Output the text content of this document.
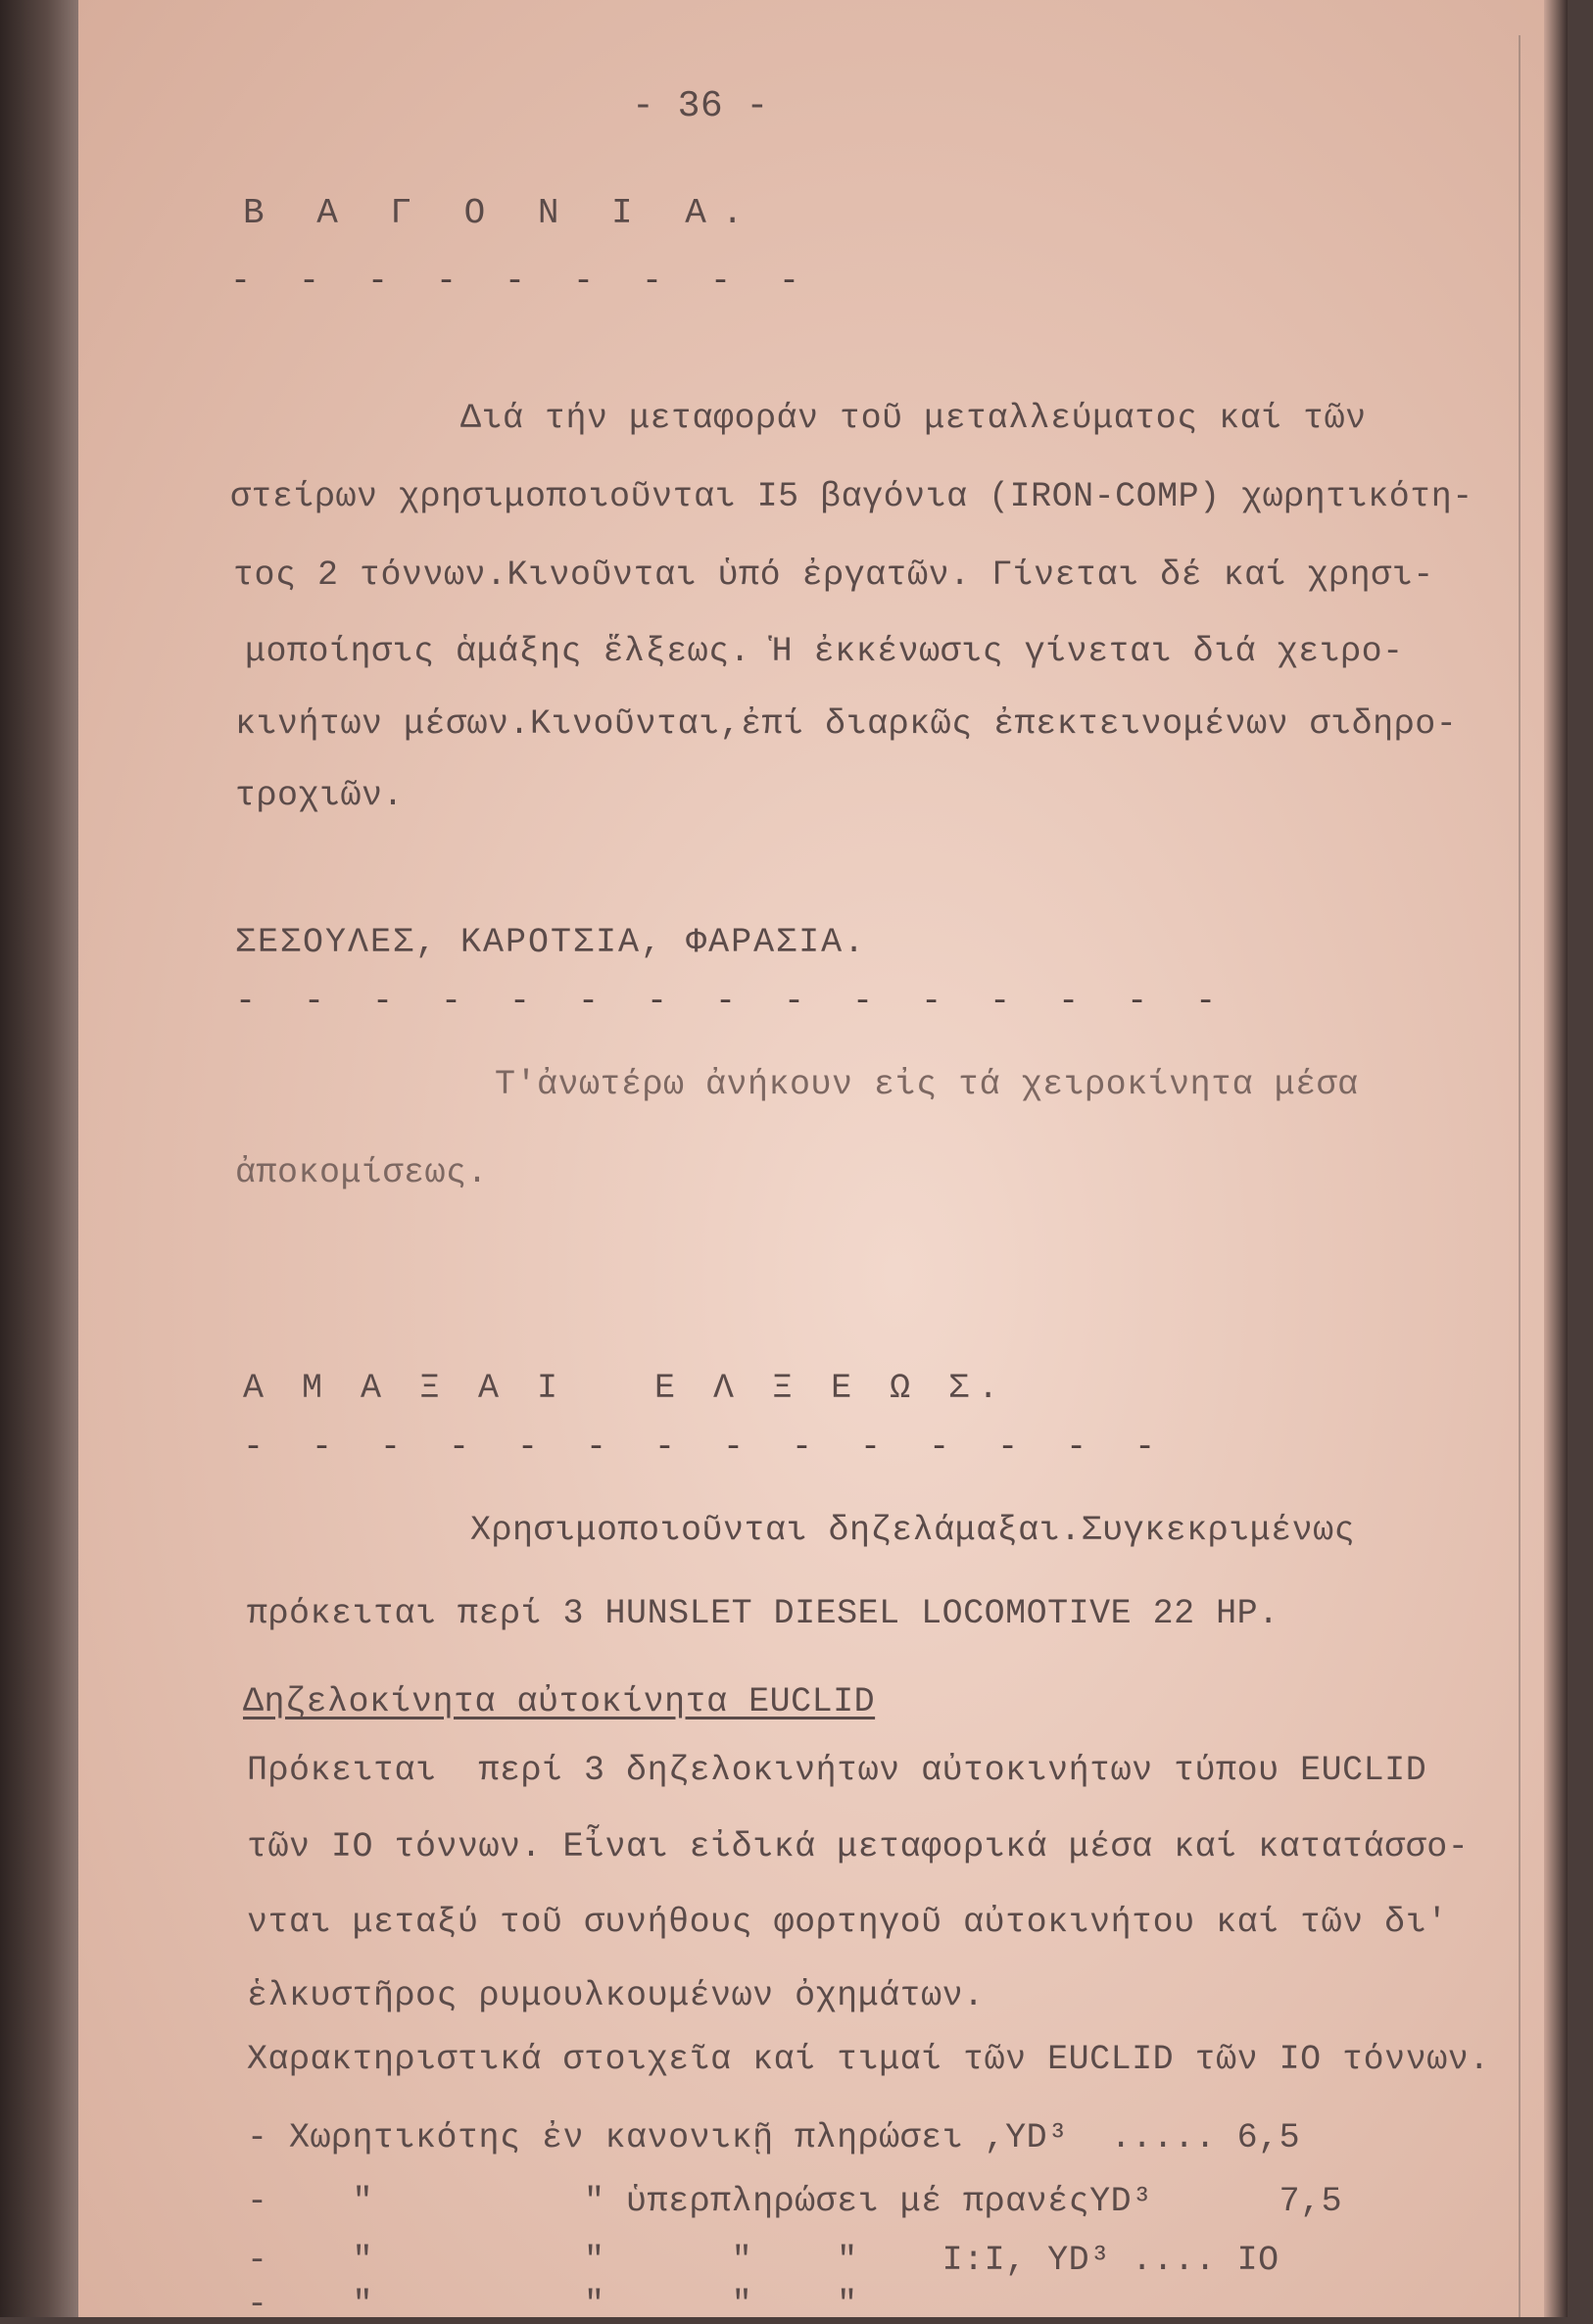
- 36 -
Β Α Γ Ο Ν Ι Α.
- - - - - - - - -
Διά τήν μεταφοράν τοῦ μεταλλεύματος καί τῶν
στείρων χρησιμοποιοῦνται Ι5 βαγόνια (IRON-COMP) χωρητικότη-
τος 2 τόννων.Κινοῦνται ὑπό ἐργατῶν. Γίνεται δέ καί χρησι-
μοποίησις ἁμάξης ἕλξεως. Ἡ ἐκκένωσις γίνεται διά χειρο-
κινήτων μέσων.Κινοῦνται,ἐπί διαρκῶς ἐπεκτεινομένων σιδηρο-
τροχιῶν.
ΣΕΣΟΥΛΕΣ, ΚΑΡΟΤΣΙΑ, ΦΑΡΑΣΙΑ.
- - - - - - - - - - - - - - -
Τ'ἀνωτέρω ἀνήκουν εἰς τά χειροκίνητα μέσα
ἀποκομίσεως.
Α Μ Α Ξ Α Ι   Ε Λ Ξ Ε Ω Σ.
- - - - - - - - - - - - - -
Χρησιμοποιοῦνται δηζελάμαξαι.Συγκεκριμένως
πρόκειται περί 3 HUNSLET DIESEL LOCOMOTIVE 22 HP.
Δηζελοκίνητα αὐτοκίνητα EUCLID
Πρόκειται  περί 3 δηζελοκινήτων αὐτοκινήτων τύπου EUCLID
τῶν ΙΟ τόννων. Εἶναι εἰδικά μεταφορικά μέσα καί κατατάσσο-
νται μεταξύ τοῦ συνήθους φορτηγοῦ αὐτοκινήτου καί τῶν δι'
ἑλκυστῆρος ρυμουλκουμένων ὀχημάτων.
Χαρακτηριστικά στοιχεῖα καί τιμαί τῶν EUCLID τῶν ΙΟ τόννων.
- Χωρητικότης ἐν κανονικῇ πληρώσει ,YD³  ..... 6,5
-    "          " ὑπερπληρώσει μέ πρανέςYD³      7,5
-    "          "      "    "    Ι:Ι, YD³ .... ΙΟ
-    "          "      "    "
